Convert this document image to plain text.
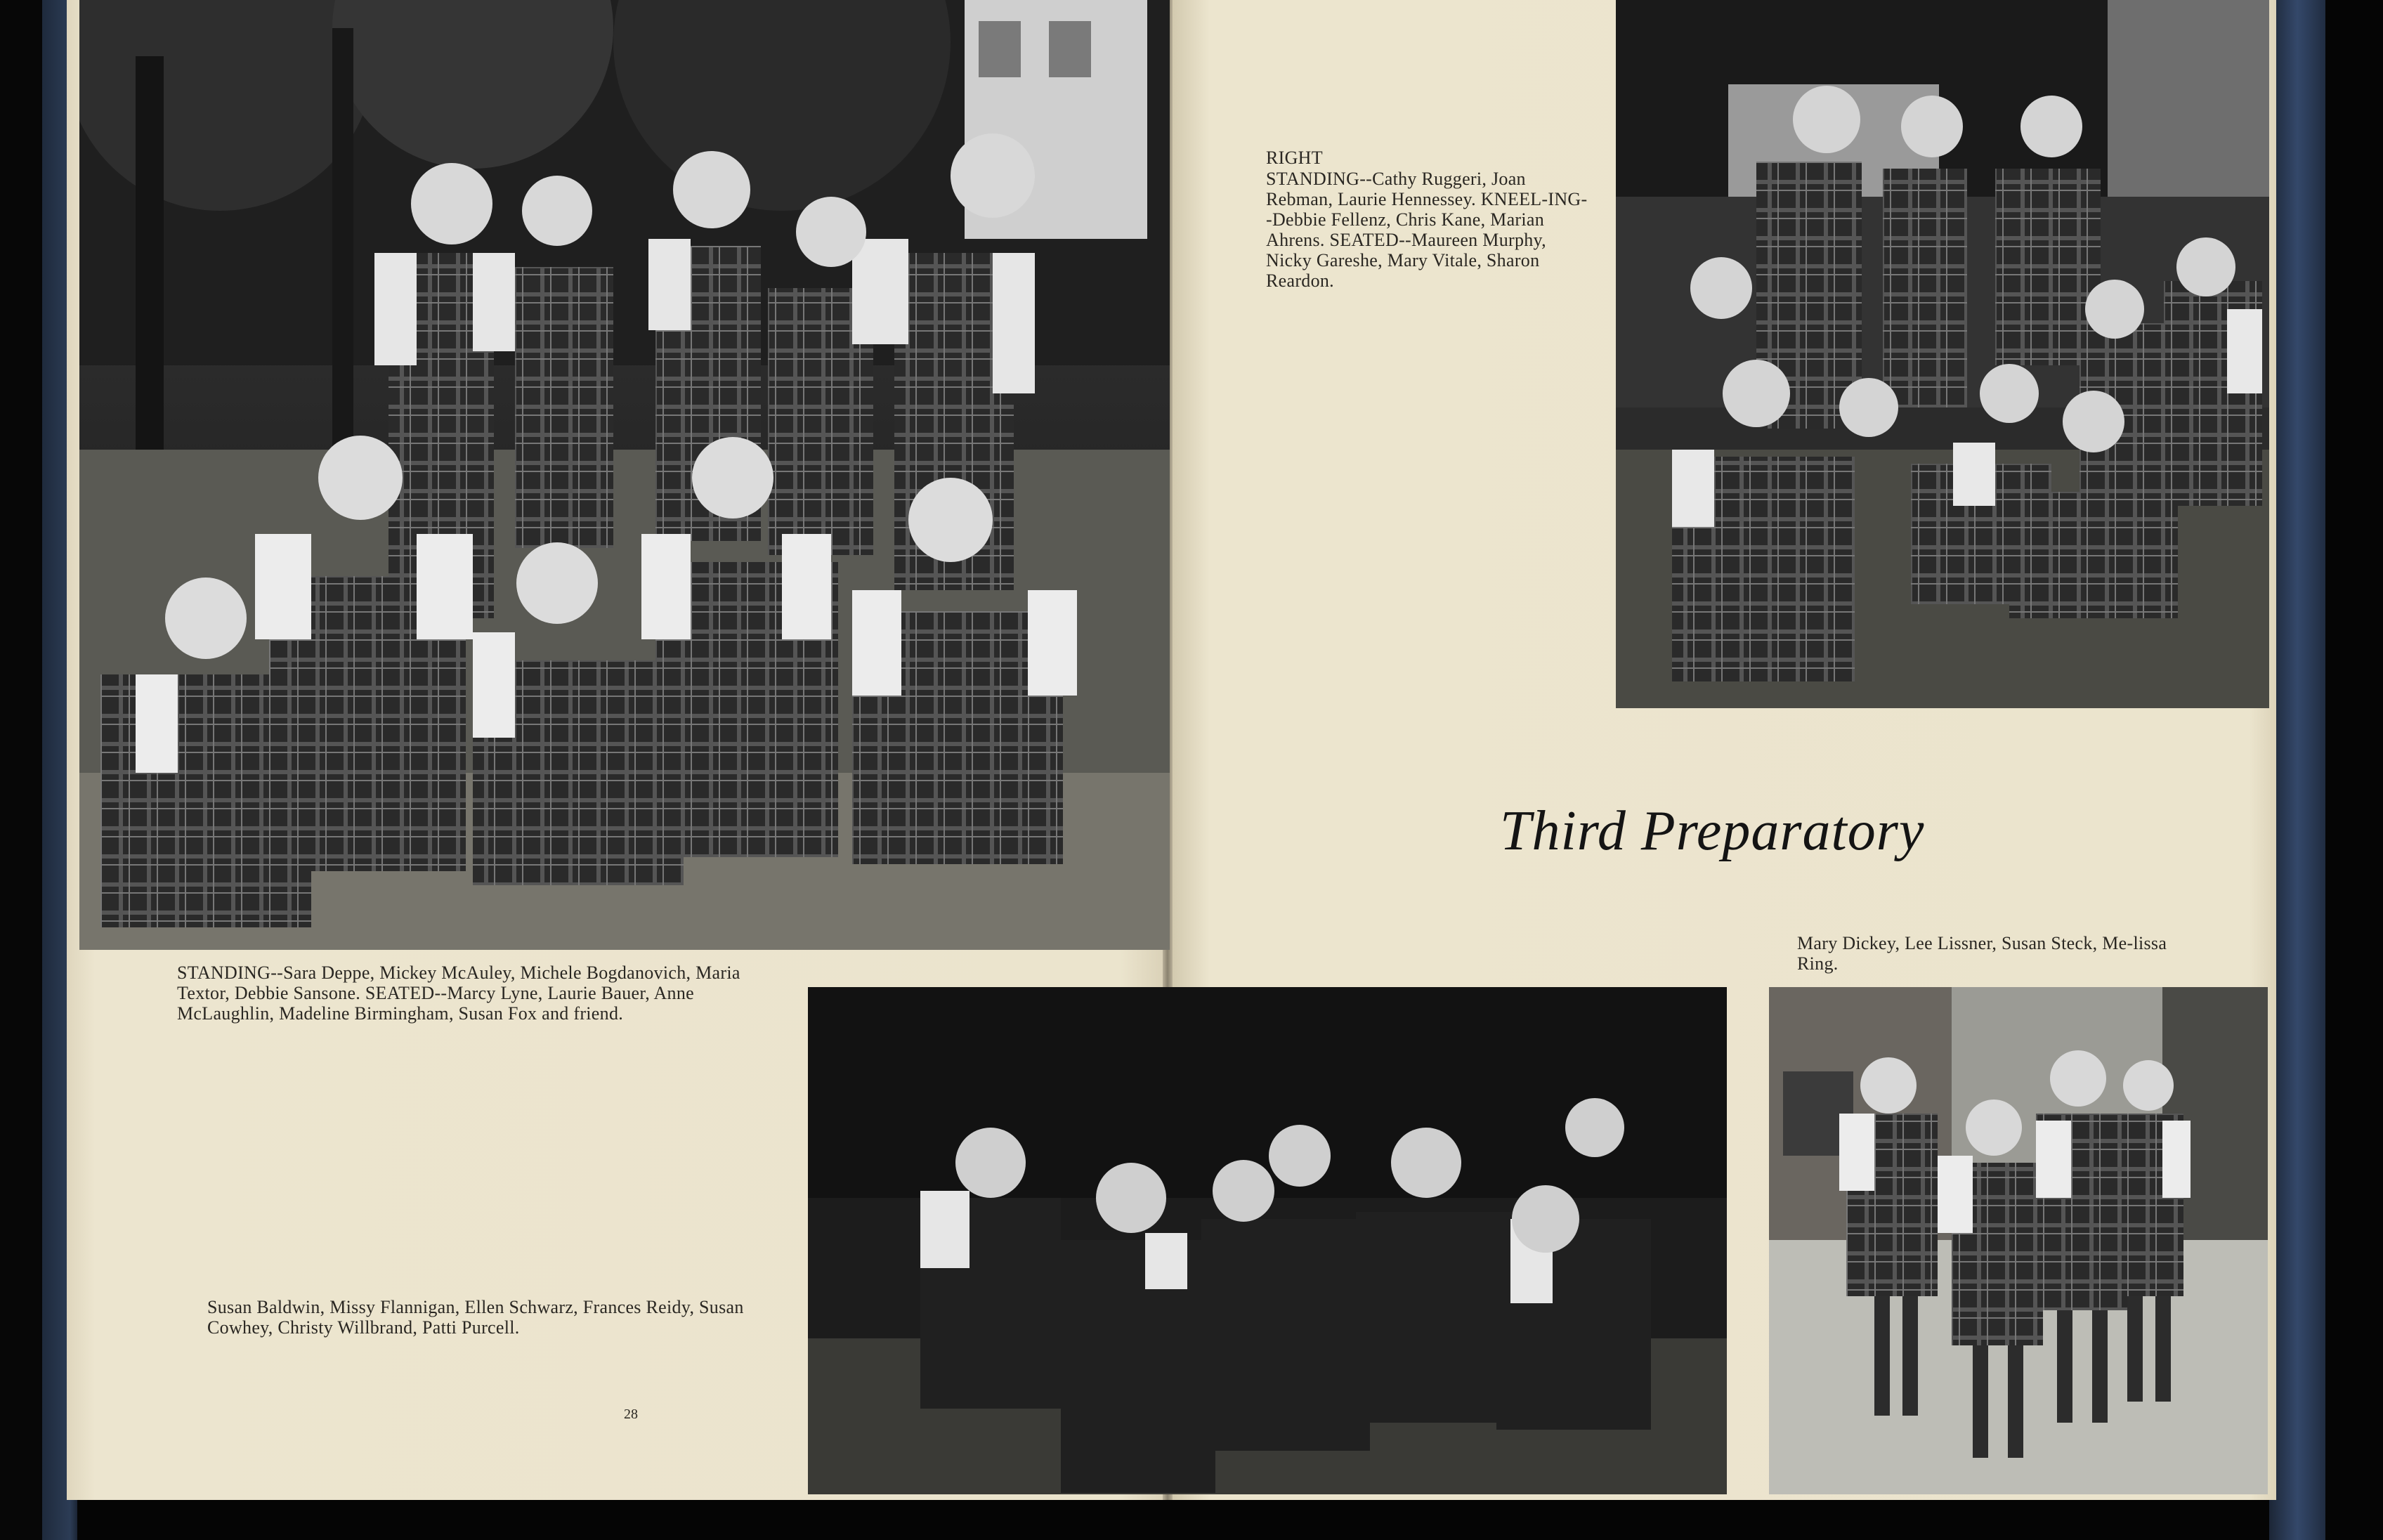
STANDING--Sara Deppe, Mickey McAuley, Michele Bogdanovich, Maria Textor, Debbie Sansone. SEATED--Marcy Lyne, Laurie Bauer, Anne McLaughlin, Madeline Birmingham, Susan Fox and friend.
RIGHT
STANDING--Cathy Ruggeri, Joan Rebman, Laurie Hennessey. KNEEL-ING--Debbie Fellenz, Chris Kane, Marian Ahrens. SEATED--Maureen Murphy, Nicky Gareshe, Mary Vitale, Sharon Reardon.
Susan Baldwin, Missy Flannigan, Ellen Schwarz, Frances Reidy, Susan Cowhey, Christy Willbrand, Patti Purcell.
Mary Dickey, Lee Lissner, Susan Steck, Me-lissa Ring.
Third Preparatory
28
